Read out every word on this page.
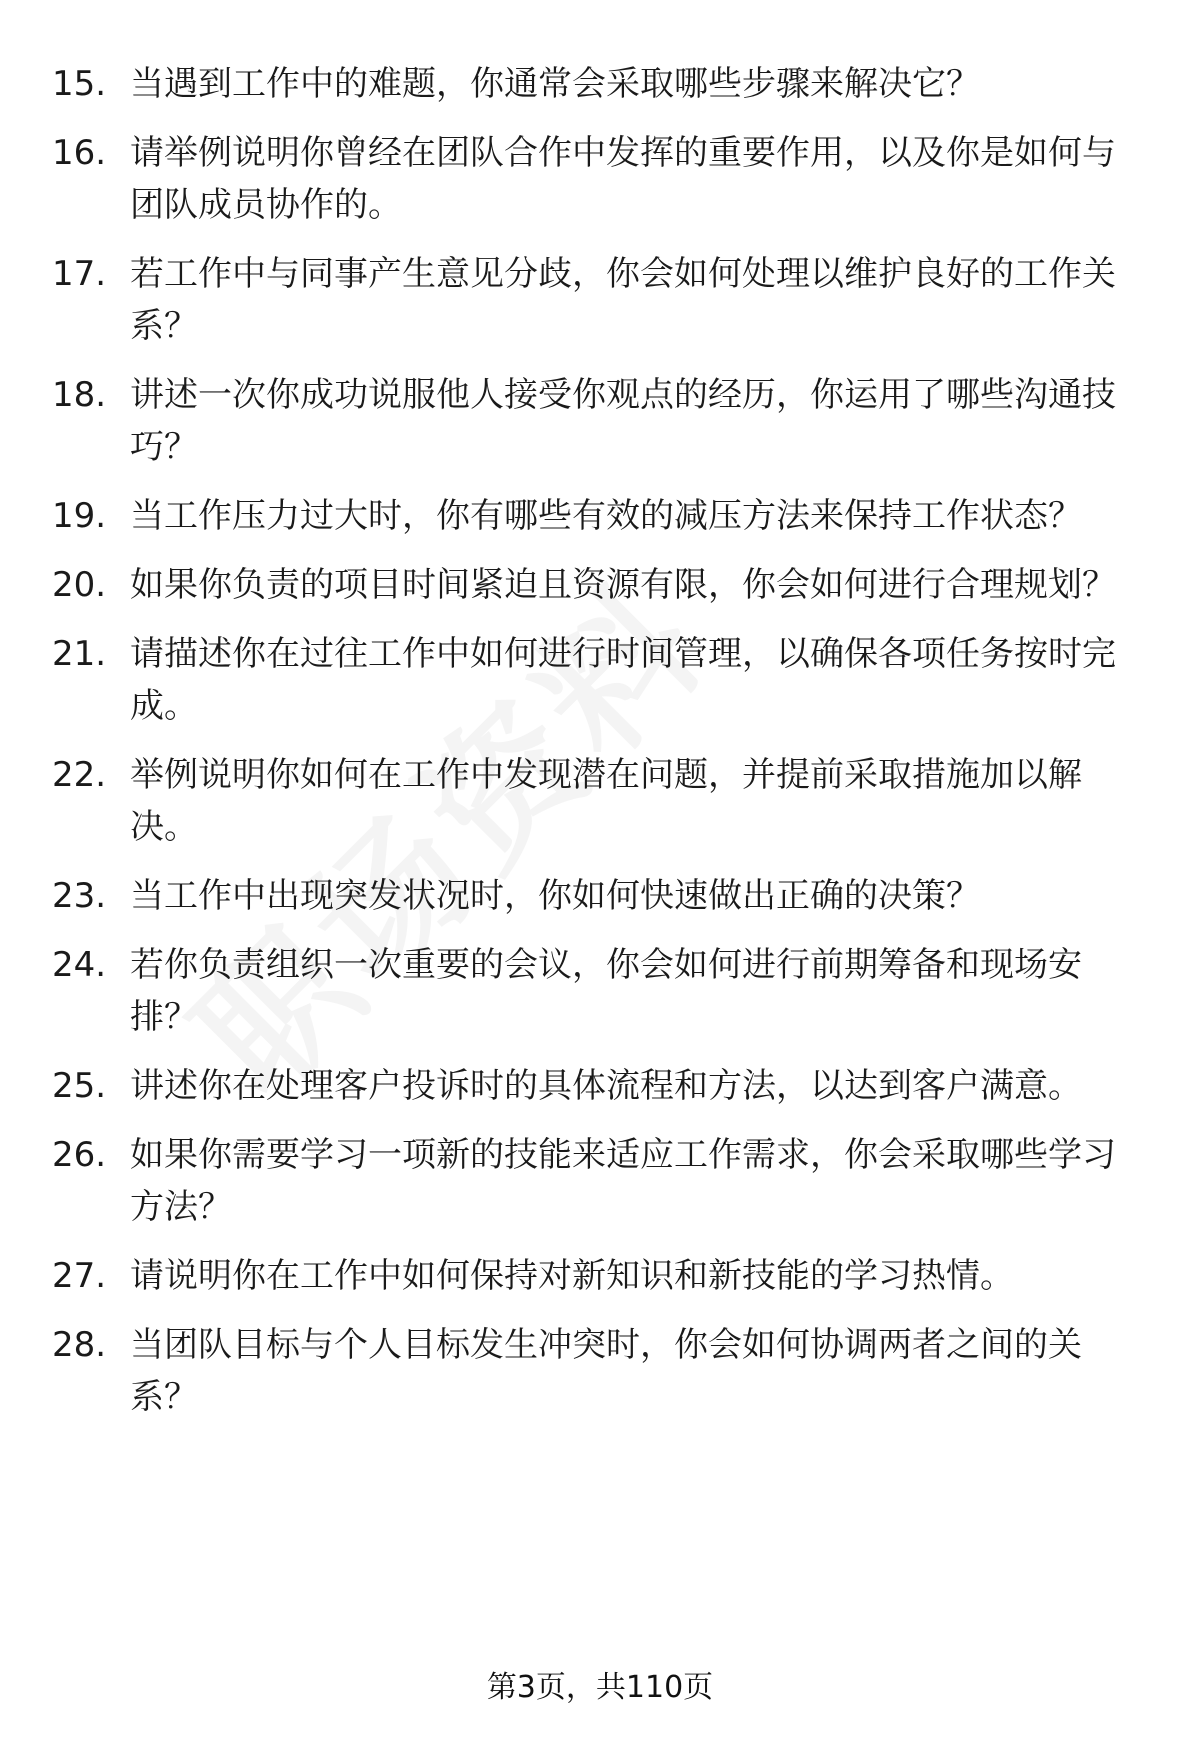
15. 当遇到工作中的难题，你通常会采取哪些步骤来解决它？
16. 请举例说明你曾经在团队合作中发挥的重要作用，以及你是如何与团队成员协作的。
17. 若工作中与同事产生意见分歧，你会如何处理以维护良好的工作关系？
18. 讲述一次你成功说服他人接受你观点的经历，你运用了哪些沟通技巧？
19. 当工作压力过大时，你有哪些有效的减压方法来保持工作状态？
20. 如果你负责的项目时间紧迫且资源有限，你会如何进行合理规划？
21. 请描述你在过往工作中如何进行时间管理，以确保各项任务按时完成。
22. 举例说明你如何在工作中发现潜在问题，并提前采取措施加以解决。
23. 当工作中出现突发状况时，你如何快速做出正确的决策？
24. 若你负责组织一次重要的会议，你会如何进行前期筹备和现场安排？
25. 讲述你在处理客户投诉时的具体流程和方法，以达到客户满意。
26. 如果你需要学习一项新的技能来适应工作需求，你会采取哪些学习方法？
27. 请说明你在工作中如何保持对新知识和新技能的学习热情。
28. 当团队目标与个人目标发生冲突时，你会如何协调两者之间的关系？
第3页，共110页
